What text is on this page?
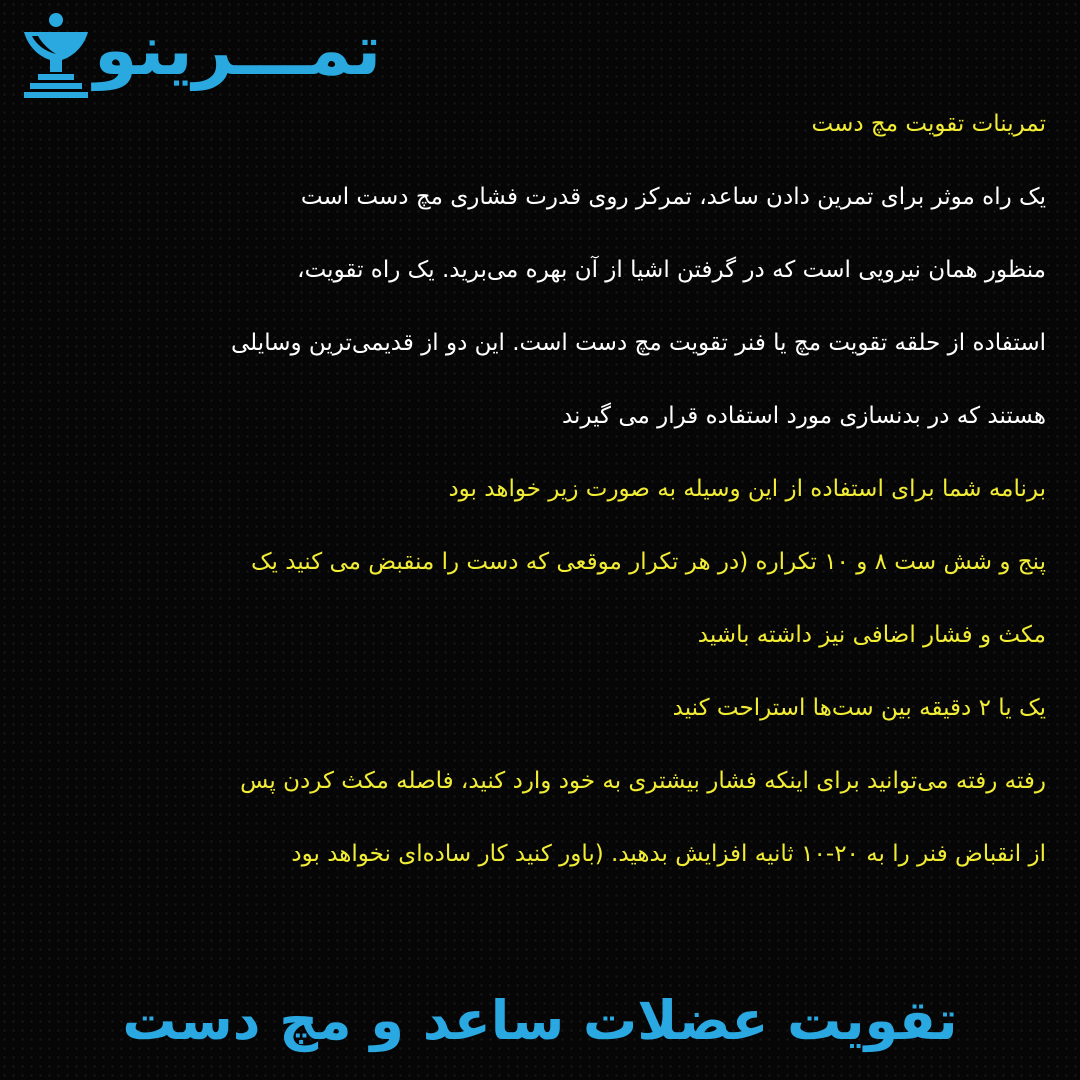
تمـــرینو
تمرینات تقویت مچ دست
یک راه موثر برای تمرین دادن ساعد، تمرکز روی قدرت فشاری مچ دست است
منظور همان نیرویی است که در گرفتن اشیا از آن بهره می‌برید. یک راه تقویت،
استفاده از حلقه تقویت مچ یا فنر تقویت مچ دست است. این دو از قدیمی‌ترین وسایلی
هستند که در بدنسازی مورد استفاده قرار می گیرند
برنامه شما برای استفاده از این وسیله به صورت زیر خواهد بود
پنج و شش ست ۸ و ۱۰ تکراره (در هر تکرار موقعی که دست را منقبض می کنید یک
مکث و فشار اضافی نیز داشته باشید
یک یا ۲ دقیقه بین ست‌ها استراحت کنید
رفته رفته می‌توانید برای اینکه فشار بیشتری به خود وارد کنید، فاصله مکث کردن پس
از انقباض فنر را به ۲۰-۱۰ ثانیه افزایش بدهید. (باور کنید کار ساده‌ای نخواهد بود
تقویت عضلات ساعد و مچ دست
